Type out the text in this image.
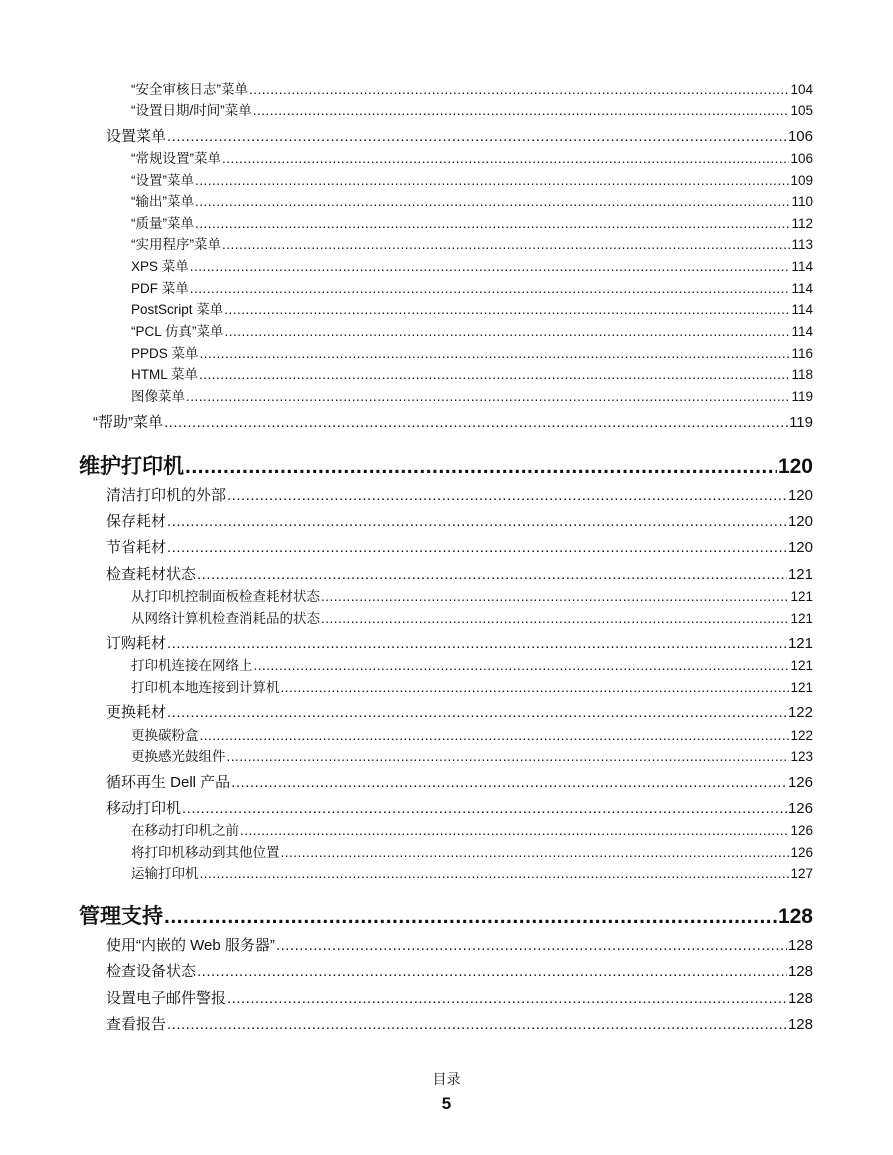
“安全审核日志”菜单 .....	104
“设置日期/时间”菜单 .....	105
设置菜单 .....	106
“常规设置”菜单 .....	106
“设置”菜单 .....	109
“输出”菜单 .....	110
“质量”菜单 .....	112
“实用程序”菜单 .....	113
XPS 菜单 .....	114
PDF 菜单 .....	114
PostScript 菜单 .....	114
“PCL 仿真”菜单 .....	114
PPDS 菜单 .....	116
HTML 菜单 .....	118
图像菜单 .....	119
“帮助”菜单 .....	119
维护打印机 .....	120
清洁打印机的外部 .....	120
保存耗材 .....	120
节省耗材 .....	120
检查耗材状态 .....	121
从打印机控制面板检查耗材状态 .....	121
从网络计算机检查消耗品的状态 .....	121
订购耗材 .....	121
打印机连接在网络上 .....	121
打印机本地连接到计算机 .....	121
更换耗材 .....	122
更换碳粉盒 .....	122
更换感光鼓组件 .....	123
循环再生 Dell 产品 .....	126
移动打印机 .....	126
在移动打印机之前 .....	126
将打印机移动到其他位置 .....	126
运输打印机 .....	127
管理支持 .....	128
使用“内嵌的 Web 服务器” .....	128
检查设备状态 .....	128
设置电子邮件警报 .....	128
查看报告 .....	128
目录
5
